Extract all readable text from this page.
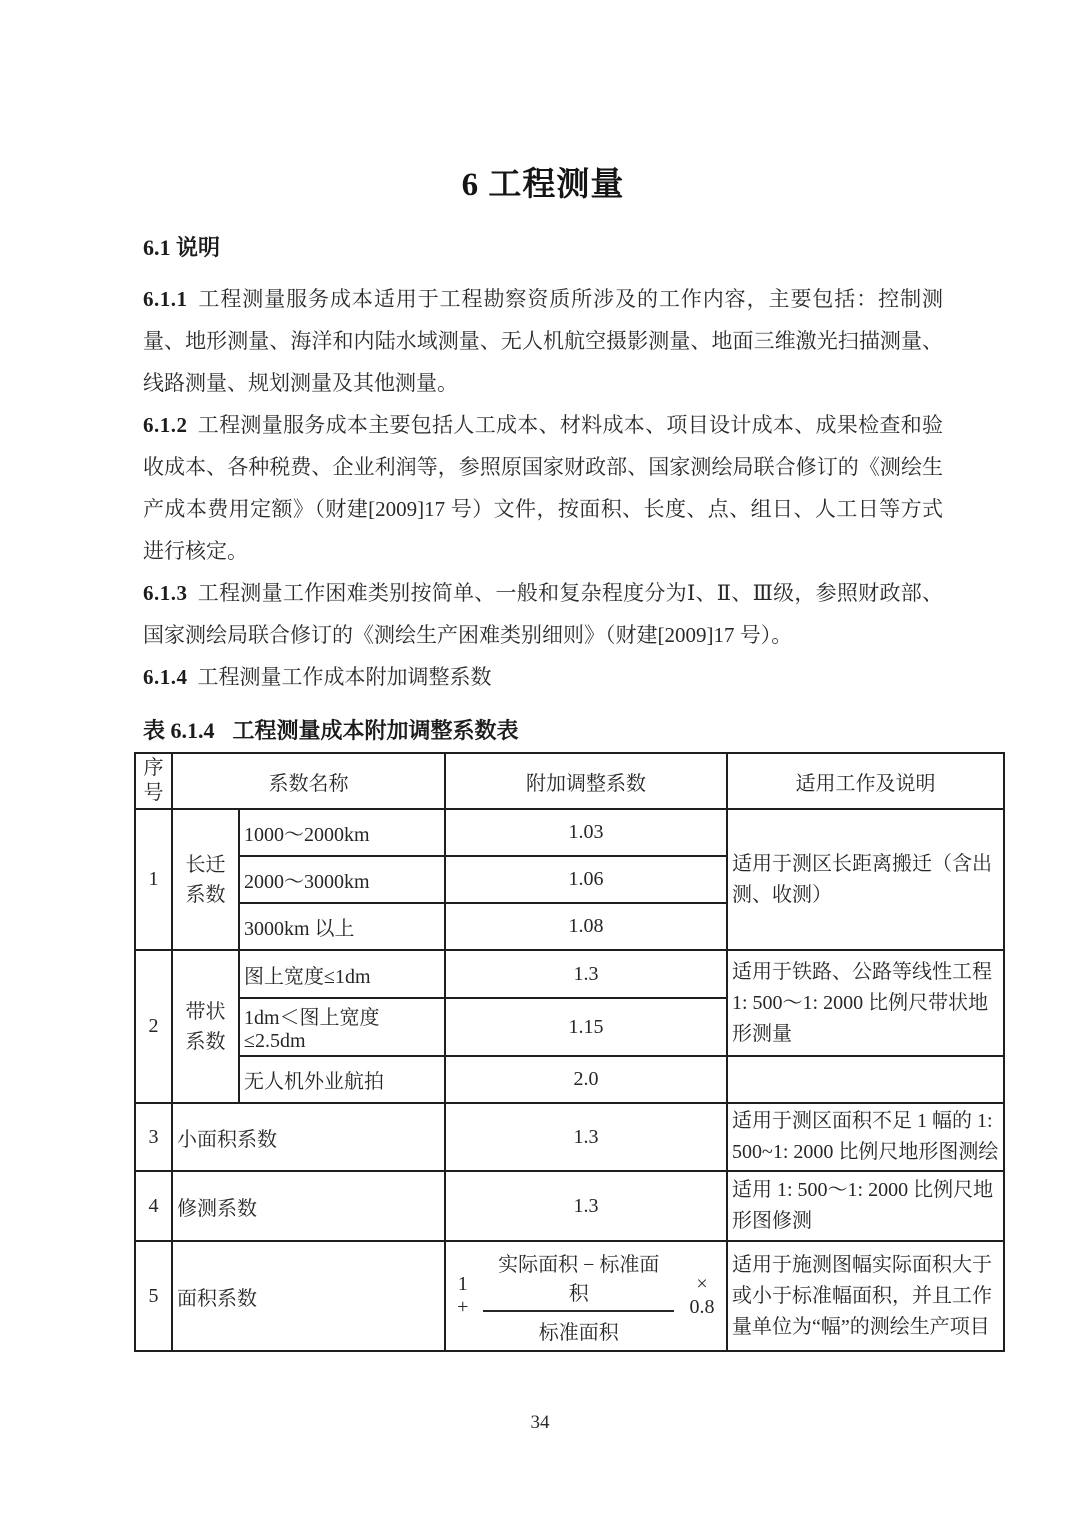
6 工程测量
6.1 说明

6.1.1 工程测量服务成本适用于工程勘察资质所涉及的工作内容，主要包括：控制测量、地形测量、海洋和内陆水域测量、无人机航空摄影测量、地面三维激光扫描测量、线路测量、规划测量及其他测量。

6.1.2 工程测量服务成本主要包括人工成本、材料成本、项目设计成本、成果检查和验收成本、各种税费、企业利润等，参照原国家财政部、国家测绘局联合修订的《测绘生产成本费用定额》（财建[2009]17 号）文件，按面积、长度、点、组日、人工日等方式进行核定。

6.1.3 工程测量工作困难类别按简单、一般和复杂程度分为Ⅰ、Ⅱ、Ⅲ级，参照财政部、国家测绘局联合修订的《测绘生产困难类别细则》（财建[2009]17 号）。

6.1.4 工程测量工作成本附加调整系数

表 6.1.4 工程测量成本附加调整系数表
序号	系数名称		附加调整系数	适用工作及说明
1	长迁系数	1000～2000km	1.03	适用于测区长距离搬迁（含出测、收测）
		2000～3000km	1.06	
		3000km 以上	1.08	
2	带状系数	图上宽度≤1dm	1.3	适用于铁路、公路等线性工程1: 500～1: 2000 比例尺带状地形测量
		1dm＜图上宽度≤2.5dm	1.15	
		无人机外业航拍	2.0	
3	小面积系数		1.3	适用于测区面积不足 1 幅的 1: 500~1: 2000 比例尺地形图测绘
4	修测系数		1.3	适用 1: 500～1: 2000 比例尺地形图修测
5	面积系数		$1 + \frac{\text{实际面积 − 标准面积}}{\text{标准面积}} \times 0.8$	适用于施测图幅实际面积大于或小于标准幅面积，并且工作量单位为“幅”的测绘生产项目
34
